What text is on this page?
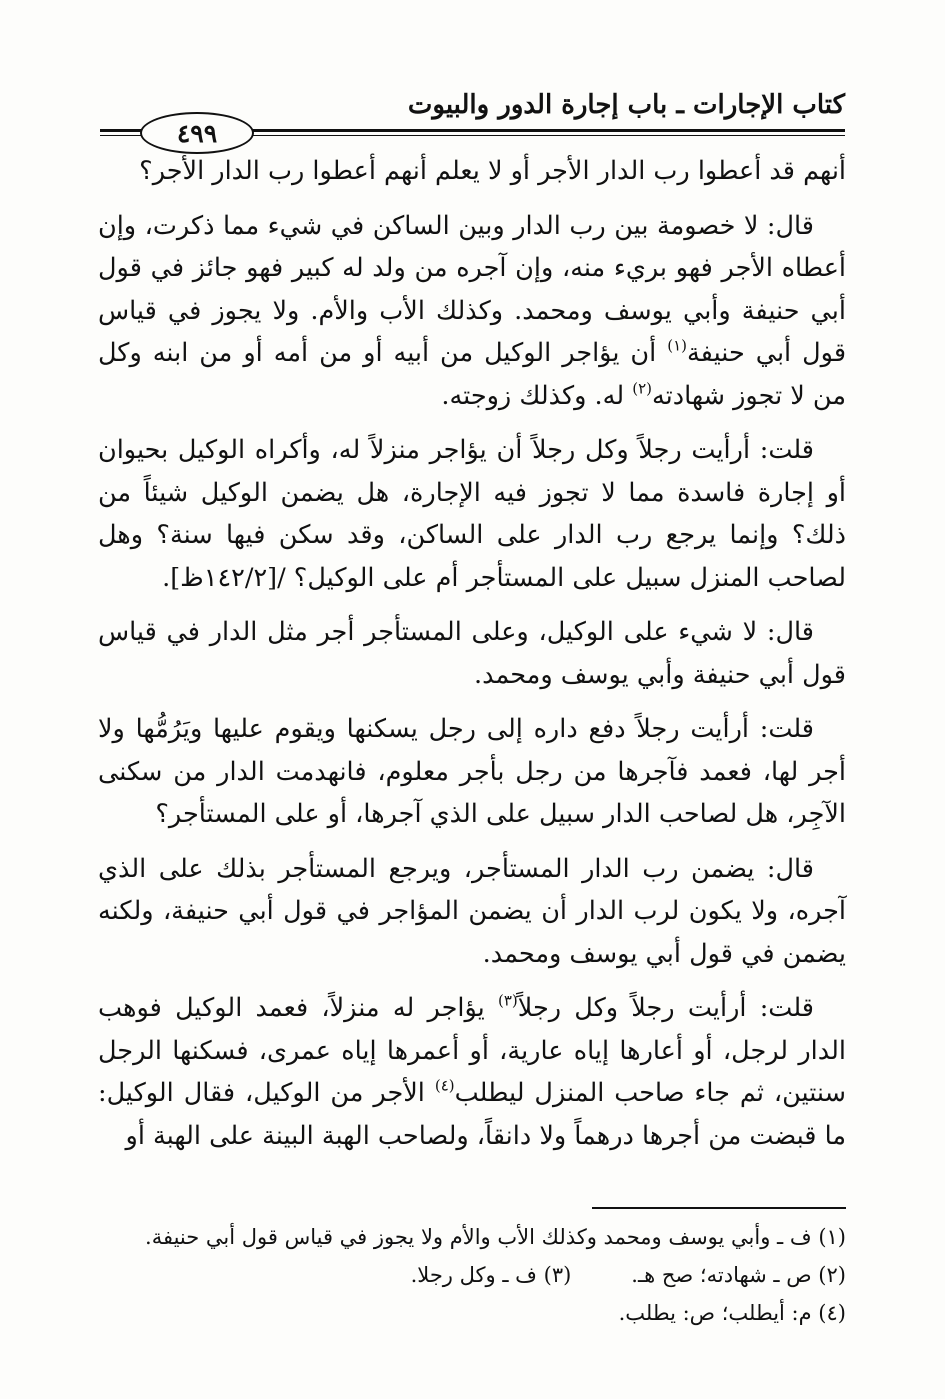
٤٩٩
كتاب الإجارات ـ باب إجارة الدور والبيوت

أنهم قد أعطوا رب الدار الأجر أو لا يعلم أنهم أعطوا رب الدار الأجر؟

قال: لا خصومة بين رب الدار وبين الساكن في شيء مما ذكرت، وإن أعطاه الأجر فهو بريء منه، وإن آجره من ولد له كبير فهو جائز في قول أبي حنيفة وأبي يوسف ومحمد. وكذلك الأب والأم. ولا يجوز في قياس قول أبي حنيفة$^{(١)}$ أن يؤاجر الوكيل من أبيه أو من أمه أو من ابنه وكل من لا تجوز شهادته$^{(٢)}$ له. وكذلك زوجته.

قلت: أرأيت رجلاً وكل رجلاً أن يؤاجر منزلاً له، وأكراه الوكيل بحيوان أو إجارة فاسدة مما لا تجوز فيه الإجارة، هل يضمن الوكيل شيئاً من ذلك؟ وإنما يرجع رب الدار على الساكن، وقد سكن فيها سنة؟ وهل لصاحب المنزل سبيل على المستأجر أم على الوكيل؟ /[١٤٢/٢ظ].

قال: لا شيء على الوكيل، وعلى المستأجر أجر مثل الدار في قياس قول أبي حنيفة وأبي يوسف ومحمد.

قلت: أرأيت رجلاً دفع داره إلى رجل يسكنها ويقوم عليها ويَرُمُّها ولا أجر لها، فعمد فآجرها من رجل بأجر معلوم، فانهدمت الدار من سكنى الآجِر، هل لصاحب الدار سبيل على الذي آجرها، أو على المستأجر؟

قال: يضمن رب الدار المستأجر، ويرجع المستأجر بذلك على الذي آجره، ولا يكون لرب الدار أن يضمن المؤاجر في قول أبي حنيفة، ولكنه يضمن في قول أبي يوسف ومحمد.

قلت: أرأيت رجلاً وكل رجلاً$^{(٣)}$ يؤاجر له منزلاً، فعمد الوكيل فوهب الدار لرجل، أو أعارها إياه عارية، أو أعمرها إياه عمرى، فسكنها الرجل سنتين، ثم جاء صاحب المنزل ليطلب$^{(٤)}$ الأجر من الوكيل، فقال الوكيل: ما قبضت من أجرها درهماً ولا دانقاً، ولصاحب الهبة البينة على الهبة أو

(١) ف ـ وأبي يوسف ومحمد وكذلك الأب والأم ولا يجوز في قياس قول أبي حنيفة.
(٢) ص ـ شهادته؛ صح هـ.(٣) ف ـ وكل رجلا.
(٤) م: أيطلب؛ ص: يطلب.
